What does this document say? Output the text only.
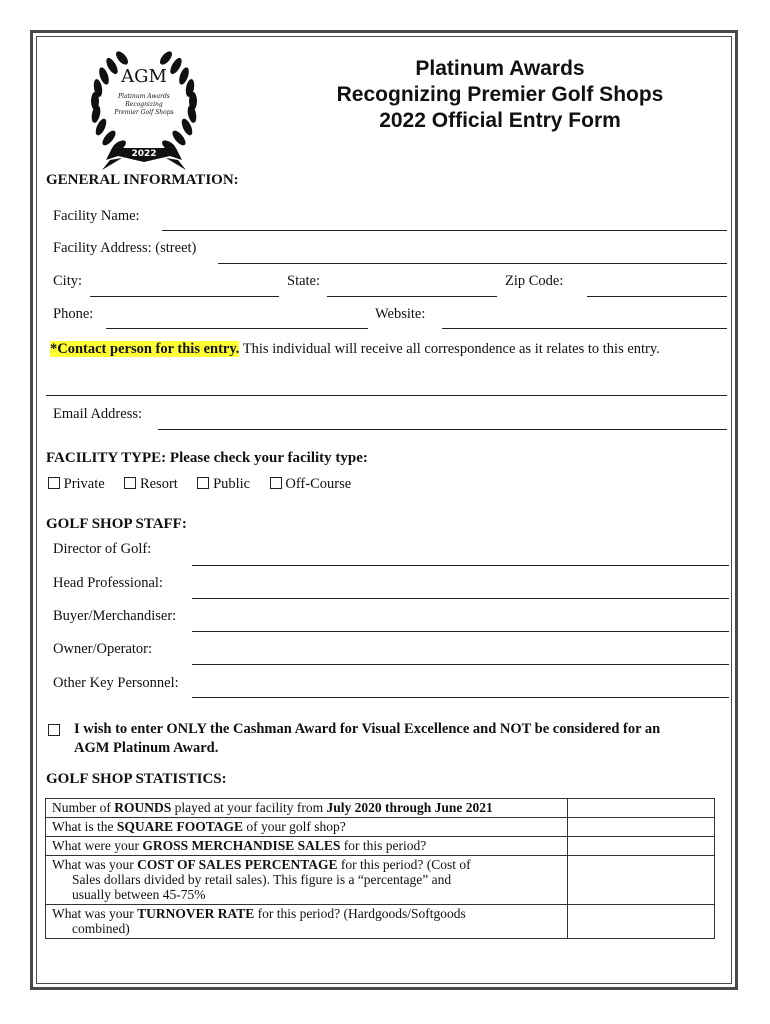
AGM
Platinum Awards
Recognizing
Premier Golf Shops
2022
Platinum Awards
Recognizing Premier Golf Shops
2022 Official Entry Form
GENERAL INFORMATION:
Facility Name:
Facility Address: (street)
City:	State:	Zip Code:
Phone:	Website:
*Contact person for this entry. This individual will receive all correspondence as it relates to this entry.
Email Address:
FACILITY TYPE: Please check your facility type:
Private Resort Public Off-Course
GOLF SHOP STAFF:
Director of Golf:
Head Professional:
Buyer/Merchandiser:
Owner/Operator:
Other Key Personnel:
I wish to enter ONLY the Cashman Award for Visual Excellence and NOT be considered for an
AGM Platinum Award.
GOLF SHOP STATISTICS:
Number of ROUNDS played at your facility from July 2020 through June 2021	
What is the SQUARE FOOTAGE of your golf shop?	
What were your GROSS MERCHANDISE SALES for this period?	
What was your COST OF SALES PERCENTAGE for this period? (Cost of
Sales dollars divided by retail sales). This figure is a “percentage” and
usually between 45-75%	

What was your TURNOVER RATE for this period? (Hardgoods/Softgoods
combined)	
